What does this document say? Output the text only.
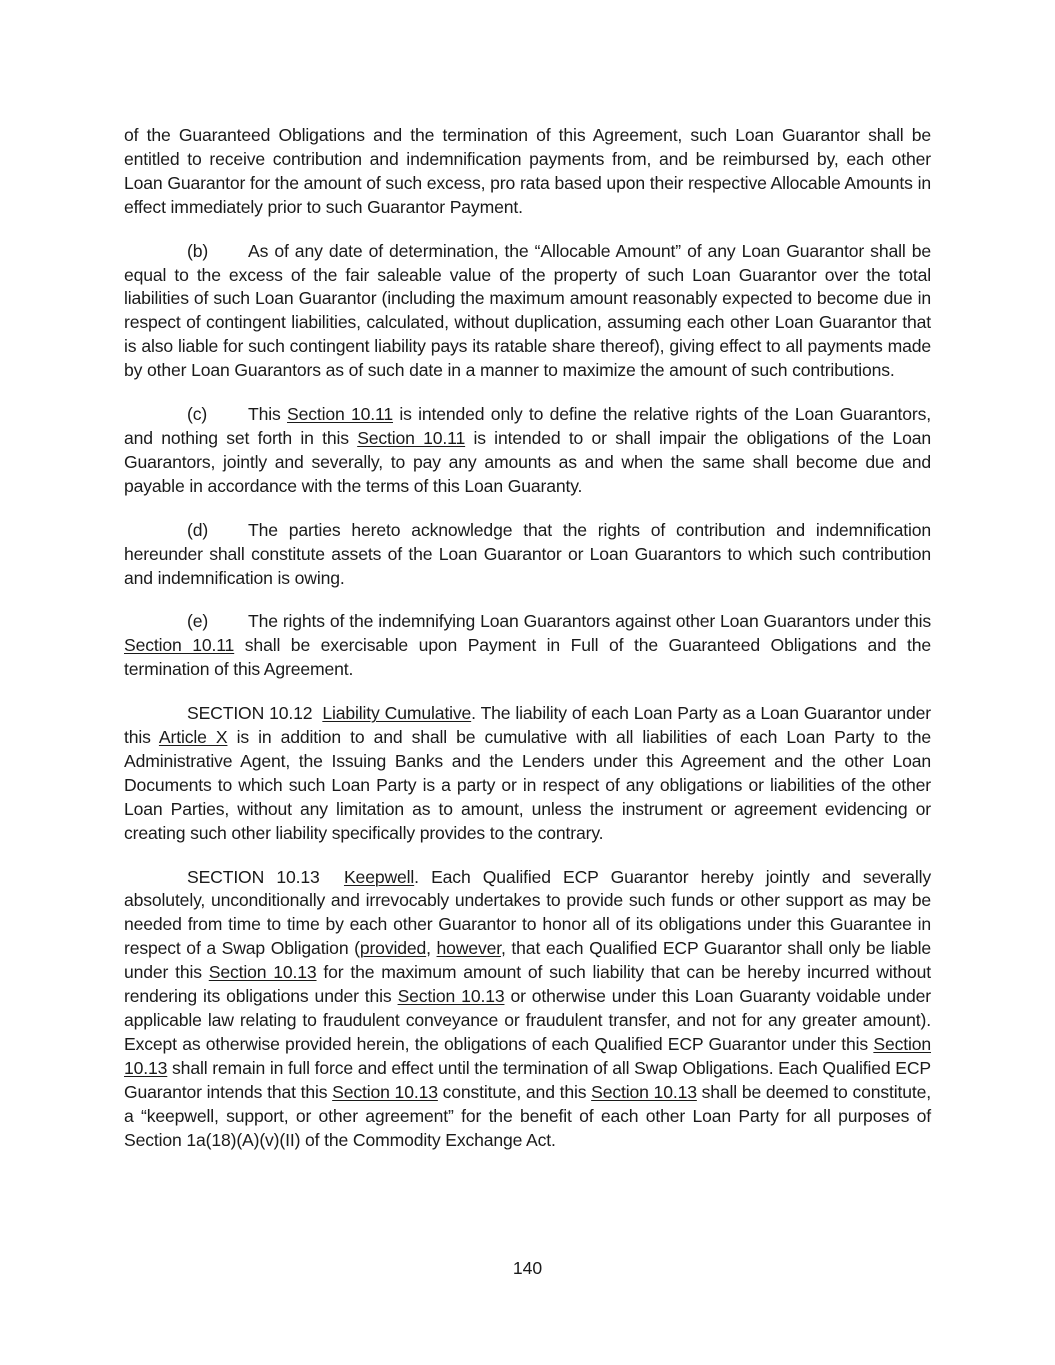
of the Guaranteed Obligations and the termination of this Agreement, such Loan Guarantor shall be entitled to receive contribution and indemnification payments from, and be reimbursed by, each other Loan Guarantor for the amount of such excess, pro rata based upon their respective Allocable Amounts in effect immediately prior to such Guarantor Payment.

(b) As of any date of determination, the “Allocable Amount” of any Loan Guarantor shall be equal to the excess of the fair saleable value of the property of such Loan Guarantor over the total liabilities of such Loan Guarantor (including the maximum amount reasonably expected to become due in respect of contingent liabilities, calculated, without duplication, assuming each other Loan Guarantor that is also liable for such contingent liability pays its ratable share thereof), giving effect to all payments made by other Loan Guarantors as of such date in a manner to maximize the amount of such contributions.

(c) This Section 10.11 is intended only to define the relative rights of the Loan Guarantors, and nothing set forth in this Section 10.11 is intended to or shall impair the obligations of the Loan Guarantors, jointly and severally, to pay any amounts as and when the same shall become due and payable in accordance with the terms of this Loan Guaranty.

(d) The parties hereto acknowledge that the rights of contribution and indemnification hereunder shall constitute assets of the Loan Guarantor or Loan Guarantors to which such contribution and indemnification is owing.

(e) The rights of the indemnifying Loan Guarantors against other Loan Guarantors under this Section 10.11 shall be exercisable upon Payment in Full of the Guaranteed Obligations and the termination of this Agreement.

SECTION 10.12 Liability Cumulative. The liability of each Loan Party as a Loan Guarantor under this Article X is in addition to and shall be cumulative with all liabilities of each Loan Party to the Administrative Agent, the Issuing Banks and the Lenders under this Agreement and the other Loan Documents to which such Loan Party is a party or in respect of any obligations or liabilities of the other Loan Parties, without any limitation as to amount, unless the instrument or agreement evidencing or creating such other liability specifically provides to the contrary.

SECTION 10.13 Keepwell. Each Qualified ECP Guarantor hereby jointly and severally absolutely, unconditionally and irrevocably undertakes to provide such funds or other support as may be needed from time to time by each other Guarantor to honor all of its obligations under this Guarantee in respect of a Swap Obligation (provided, however, that each Qualified ECP Guarantor shall only be liable under this Section 10.13 for the maximum amount of such liability that can be hereby incurred without rendering its obligations under this Section 10.13 or otherwise under this Loan Guaranty voidable under applicable law relating to fraudulent conveyance or fraudulent transfer, and not for any greater amount). Except as otherwise provided herein, the obligations of each Qualified ECP Guarantor under this Section 10.13 shall remain in full force and effect until the termination of all Swap Obligations. Each Qualified ECP Guarantor intends that this Section 10.13 constitute, and this Section 10.13 shall be deemed to constitute, a “keepwell, support, or other agreement” for the benefit of each other Loan Party for all purposes of Section 1a(18)(A)(v)(II) of the Commodity Exchange Act.

140
